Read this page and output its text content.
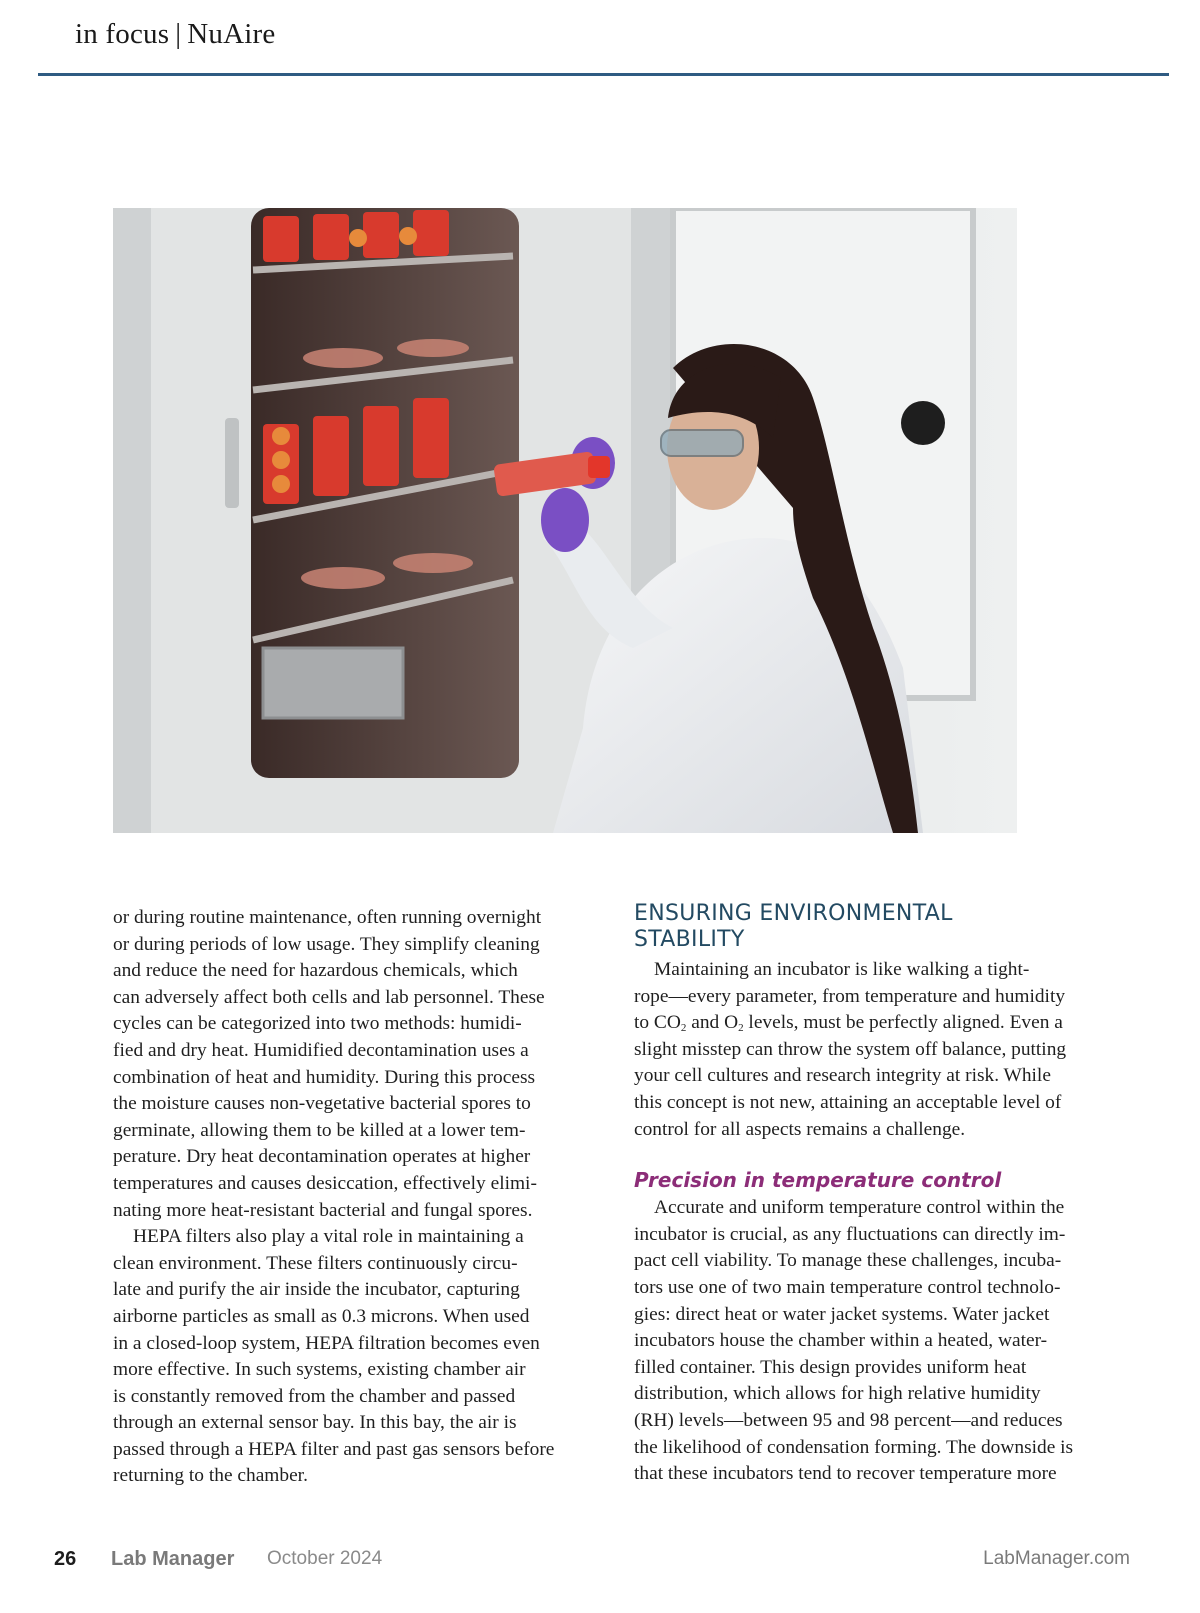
in focus | NuAire

or during routine maintenance, often running overnight
or during periods of low usage. They simplify cleaning
and reduce the need for hazardous chemicals, which
can adversely affect both cells and lab personnel. These
cycles can be categorized into two methods: humidi-
fied and dry heat. Humidified decontamination uses a
combination of heat and humidity. During this process
the moisture causes non-vegetative bacterial spores to
germinate, allowing them to be killed at a lower tem-
perature. Dry heat decontamination operates at higher
temperatures and causes desiccation, effectively elimi-
nating more heat-resistant bacterial and fungal spores.

HEPA filters also play a vital role in maintaining a
clean environment. These filters continuously circu-
late and purify the air inside the incubator, capturing
airborne particles as small as 0.3 microns. When used
in a closed-loop system, HEPA filtration becomes even
more effective. In such systems, existing chamber air
is constantly removed from the chamber and passed
through an external sensor bay. In this bay, the air is
passed through a HEPA filter and past gas sensors before
returning to the chamber.

ENSURING ENVIRONMENTAL
STABILITY

Maintaining an incubator is like walking a tight-
rope—every parameter, from temperature and humidity
to $CO_2$ and $O_2$ levels, must be perfectly aligned. Even a
slight misstep can throw the system off balance, putting
your cell cultures and research integrity at risk. While
this concept is not new, attaining an acceptable level of
control for all aspects remains a challenge.

Precision in temperature control

Accurate and uniform temperature control within the
incubator is crucial, as any fluctuations can directly im-
pact cell viability. To manage these challenges, incuba-
tors use one of two main temperature control technolo-
gies: direct heat or water jacket systems. Water jacket
incubators house the chamber within a heated, water-
filled container. This design provides uniform heat
distribution, which allows for high relative humidity
(RH) levels—between 95 and 98 percent—and reduces
the likelihood of condensation forming. The downside is
that these incubators tend to recover temperature more

26 Lab Manager October 2024	LabManager.com
